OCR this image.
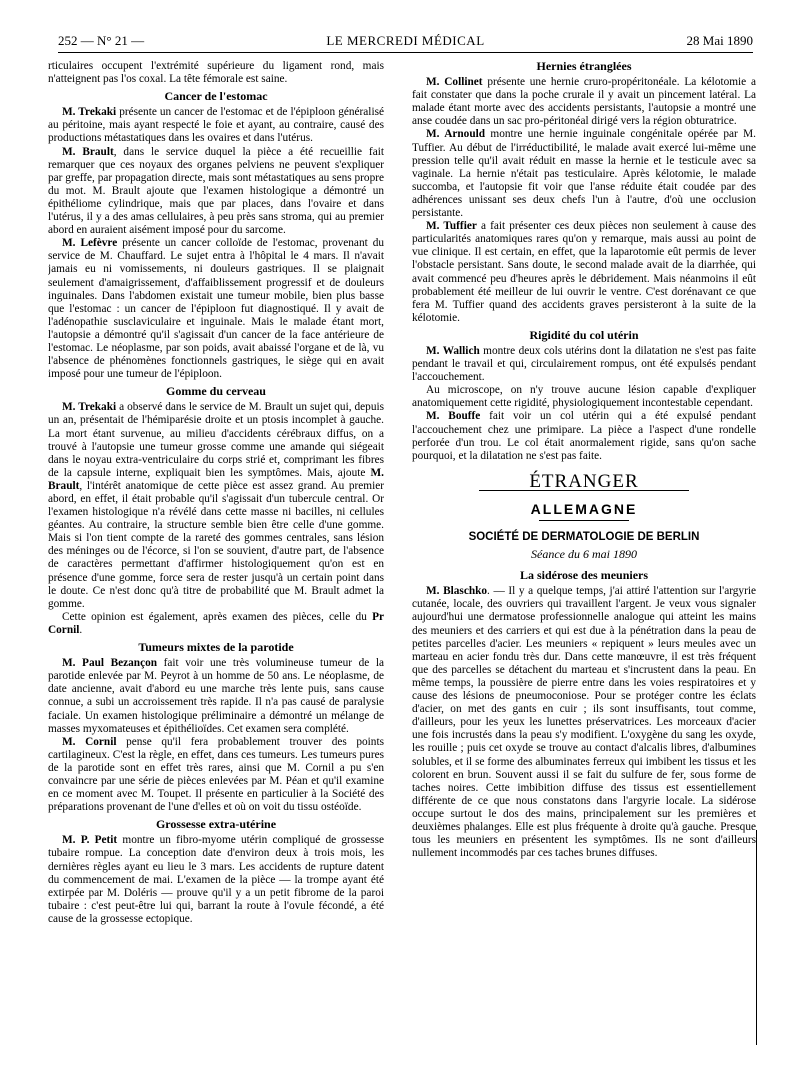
252 — N° 21 —	LE MERCREDI MÉDICAL	28 Mai 1890

rticulaires occupent l'extrémité supérieure du ligament rond, mais n'atteignent pas l'os coxal. La tête fémorale est saine.

Cancer de l'estomac

M. Trekaki présente un cancer de l'estomac et de l'épiploon généralisé au péritoine, mais ayant respecté le foie et ayant, au contraire, causé des productions métastatiques dans les ovaires et dans l'utérus.

M. Brault, dans le service duquel la pièce a été recueillie fait remarquer que ces noyaux des organes pelviens ne peuvent s'expliquer par greffe, par propagation directe, mais sont métastatiques au sens propre du mot. M. Brault ajoute que l'examen histologique a démontré un épithéliome cylindrique, mais que par places, dans l'ovaire et dans l'utérus, il y a des amas cellulaires, à peu près sans stroma, qui au premier abord en auraient aisément imposé pour du sarcome.

M. Lefèvre présente un cancer colloïde de l'estomac, provenant du service de M. Chauffard. Le sujet entra à l'hôpital le 4 mars. Il n'avait jamais eu ni vomissements, ni douleurs gastriques. Il se plaignait seulement d'amaigrissement, d'affaiblissement progressif et de douleurs inguinales. Dans l'abdomen existait une tumeur mobile, bien plus basse que l'estomac : un cancer de l'épiploon fut diagnostiqué. Il y avait de l'adénopathie susclaviculaire et inguinale. Mais le malade étant mort, l'autopsie a démontré qu'il s'agissait d'un cancer de la face antérieure de l'estomac. Le néoplasme, par son poids, avait abaissé l'organe et de là, vu l'absence de phénomènes fonctionnels gastriques, le siège qui en avait imposé pour une tumeur de l'épiploon.

Gomme du cerveau

M. Trekaki a observé dans le service de M. Brault un sujet qui, depuis un an, présentait de l'hémiparésie droite et un ptosis incomplet à gauche. La mort étant survenue, au milieu d'accidents cérébraux diffus, on a trouvé à l'autopsie une tumeur grosse comme une amande qui siégeait dans le noyau extra-ventriculaire du corps strié et, comprimant les fibres de la capsule interne, expliquait bien les symptômes. Mais, ajoute M. Brault, l'intérêt anatomique de cette pièce est assez grand. Au premier abord, en effet, il était probable qu'il s'agissait d'un tubercule central. Or l'examen histologique n'a révélé dans cette masse ni bacilles, ni cellules géantes. Au contraire, la structure semble bien être celle d'une gomme. Mais si l'on tient compte de la rareté des gommes centrales, sans lésion des méninges ou de l'écorce, si l'on se souvient, d'autre part, de l'absence de caractères permettant d'affirmer histologiquement qu'on est en présence d'une gomme, force sera de rester jusqu'à un certain point dans le doute. Ce n'est donc qu'à titre de probabilité que M. Brault admet la gomme.

Cette opinion est également, après examen des pièces, celle du Pr Cornil.

Tumeurs mixtes de la parotide

M. Paul Bezançon fait voir une très volumineuse tumeur de la parotide enlevée par M. Peyrot à un homme de 50 ans. Le néoplasme, de date ancienne, avait d'abord eu une marche très lente puis, sans cause connue, a subi un accroissement très rapide. Il n'a pas causé de paralysie faciale. Un examen histologique préliminaire a démontré un mélange de masses myxomateuses et épithélioïdes. Cet examen sera complété.

M. Cornil pense qu'il fera probablement trouver des points cartilagineux. C'est la règle, en effet, dans ces tumeurs. Les tumeurs pures de la parotide sont en effet très rares, ainsi que M. Cornil a pu s'en convaincre par une série de pièces enlevées par M. Péan et qu'il examine en ce moment avec M. Toupet. Il présente en particulier à la Société des préparations provenant de l'une d'elles et où on voit du tissu ostéoïde.

Grossesse extra-utérine

M. P. Petit montre un fibro-myome utérin compliqué de grossesse tubaire rompue. La conception date d'environ deux à trois mois, les dernières règles ayant eu lieu le 3 mars. Les accidents de rupture datent du commencement de mai. L'examen de la pièce — la trompe ayant été extirpée par M. Doléris — prouve qu'il y a un petit fibrome de la paroi tubaire : c'est peut-être lui qui, barrant la route à l'ovule fécondé, a été cause de la grossesse ectopique.

Hernies étranglées

M. Collinet présente une hernie cruro-propéritonéale. La kélotomie a fait constater que dans la poche crurale il y avait un pincement latéral. La malade étant morte avec des accidents persistants, l'autopsie a montré une anse coudée dans un sac pro-péritonéal dirigé vers la région obturatrice.

M. Arnould montre une hernie inguinale congénitale opérée par M. Tuffier. Au début de l'irréductibilité, le malade avait exercé lui-même une pression telle qu'il avait réduit en masse la hernie et le testicule avec sa vaginale. La hernie n'était pas testiculaire. Après kélotomie, le malade succomba, et l'autopsie fit voir que l'anse réduite était coudée par des adhérences unissant ses deux chefs l'un à l'autre, d'où une occlusion persistante.

M. Tuffier a fait présenter ces deux pièces non seulement à cause des particularités anatomiques rares qu'on y remarque, mais aussi au point de vue clinique. Il est certain, en effet, que la laparotomie eût permis de lever l'obstacle persistant. Sans doute, le second malade avait de la diarrhée, qui avait commencé peu d'heures après le débridement. Mais néanmoins il eût probablement été meilleur de lui ouvrir le ventre. C'est dorénavant ce que fera M. Tuffier quand des accidents graves persisteront à la suite de la kélotomie.

Rigidité du col utérin

M. Wallich montre deux cols utérins dont la dilatation ne s'est pas faite pendant le travail et qui, circulairement rompus, ont été expulsés pendant l'accouchement.

Au microscope, on n'y trouve aucune lésion capable d'expliquer anatomiquement cette rigidité, physiologiquement incontestable cependant.

M. Bouffe fait voir un col utérin qui a été expulsé pendant l'accouchement chez une primipare. La pièce a l'aspect d'une rondelle perforée d'un trou. Le col était anormalement rigide, sans qu'on sache pourquoi, et la dilatation ne s'est pas faite.

ÉTRANGER
ALLEMAGNE
SOCIÉTÉ DE DERMATOLOGIE DE BERLIN
Séance du 6 mai 1890
La sidérose des meuniers

M. Blaschko. — Il y a quelque temps, j'ai attiré l'attention sur l'argyrie cutanée, locale, des ouvriers qui travaillent l'argent. Je veux vous signaler aujourd'hui une dermatose professionnelle analogue qui atteint les mains des meuniers et des carriers et qui est due à la pénétration dans la peau de petites parcelles d'acier. Les meuniers « repiquent » leurs meules avec un marteau en acier fondu très dur. Dans cette manœuvre, il est très fréquent que des parcelles se détachent du marteau et s'incrustent dans la peau. En même temps, la poussière de pierre entre dans les voies respiratoires et y cause des lésions de pneumoconiose. Pour se protéger contre les éclats d'acier, on met des gants en cuir ; ils sont insuffisants, tout comme, d'ailleurs, pour les yeux les lunettes préservatrices. Les morceaux d'acier une fois incrustés dans la peau s'y modifient. L'oxygène du sang les oxyde, les rouille ; puis cet oxyde se trouve au contact d'alcalis libres, d'albumines solubles, et il se forme des albuminates ferreux qui imbibent les tissus et les colorent en brun. Souvent aussi il se fait du sulfure de fer, sous forme de taches noires. Cette imbibition diffuse des tissus est essentiellement différente de ce que nous constatons dans l'argyrie locale. La sidérose occupe surtout le dos des mains, principalement sur les premières et deuxièmes phalanges. Elle est plus fréquente à droite qu'à gauche. Presque tous les meuniers en présentent les symptômes. Ils ne sont d'ailleurs nullement incommodés par ces taches brunes diffuses.
